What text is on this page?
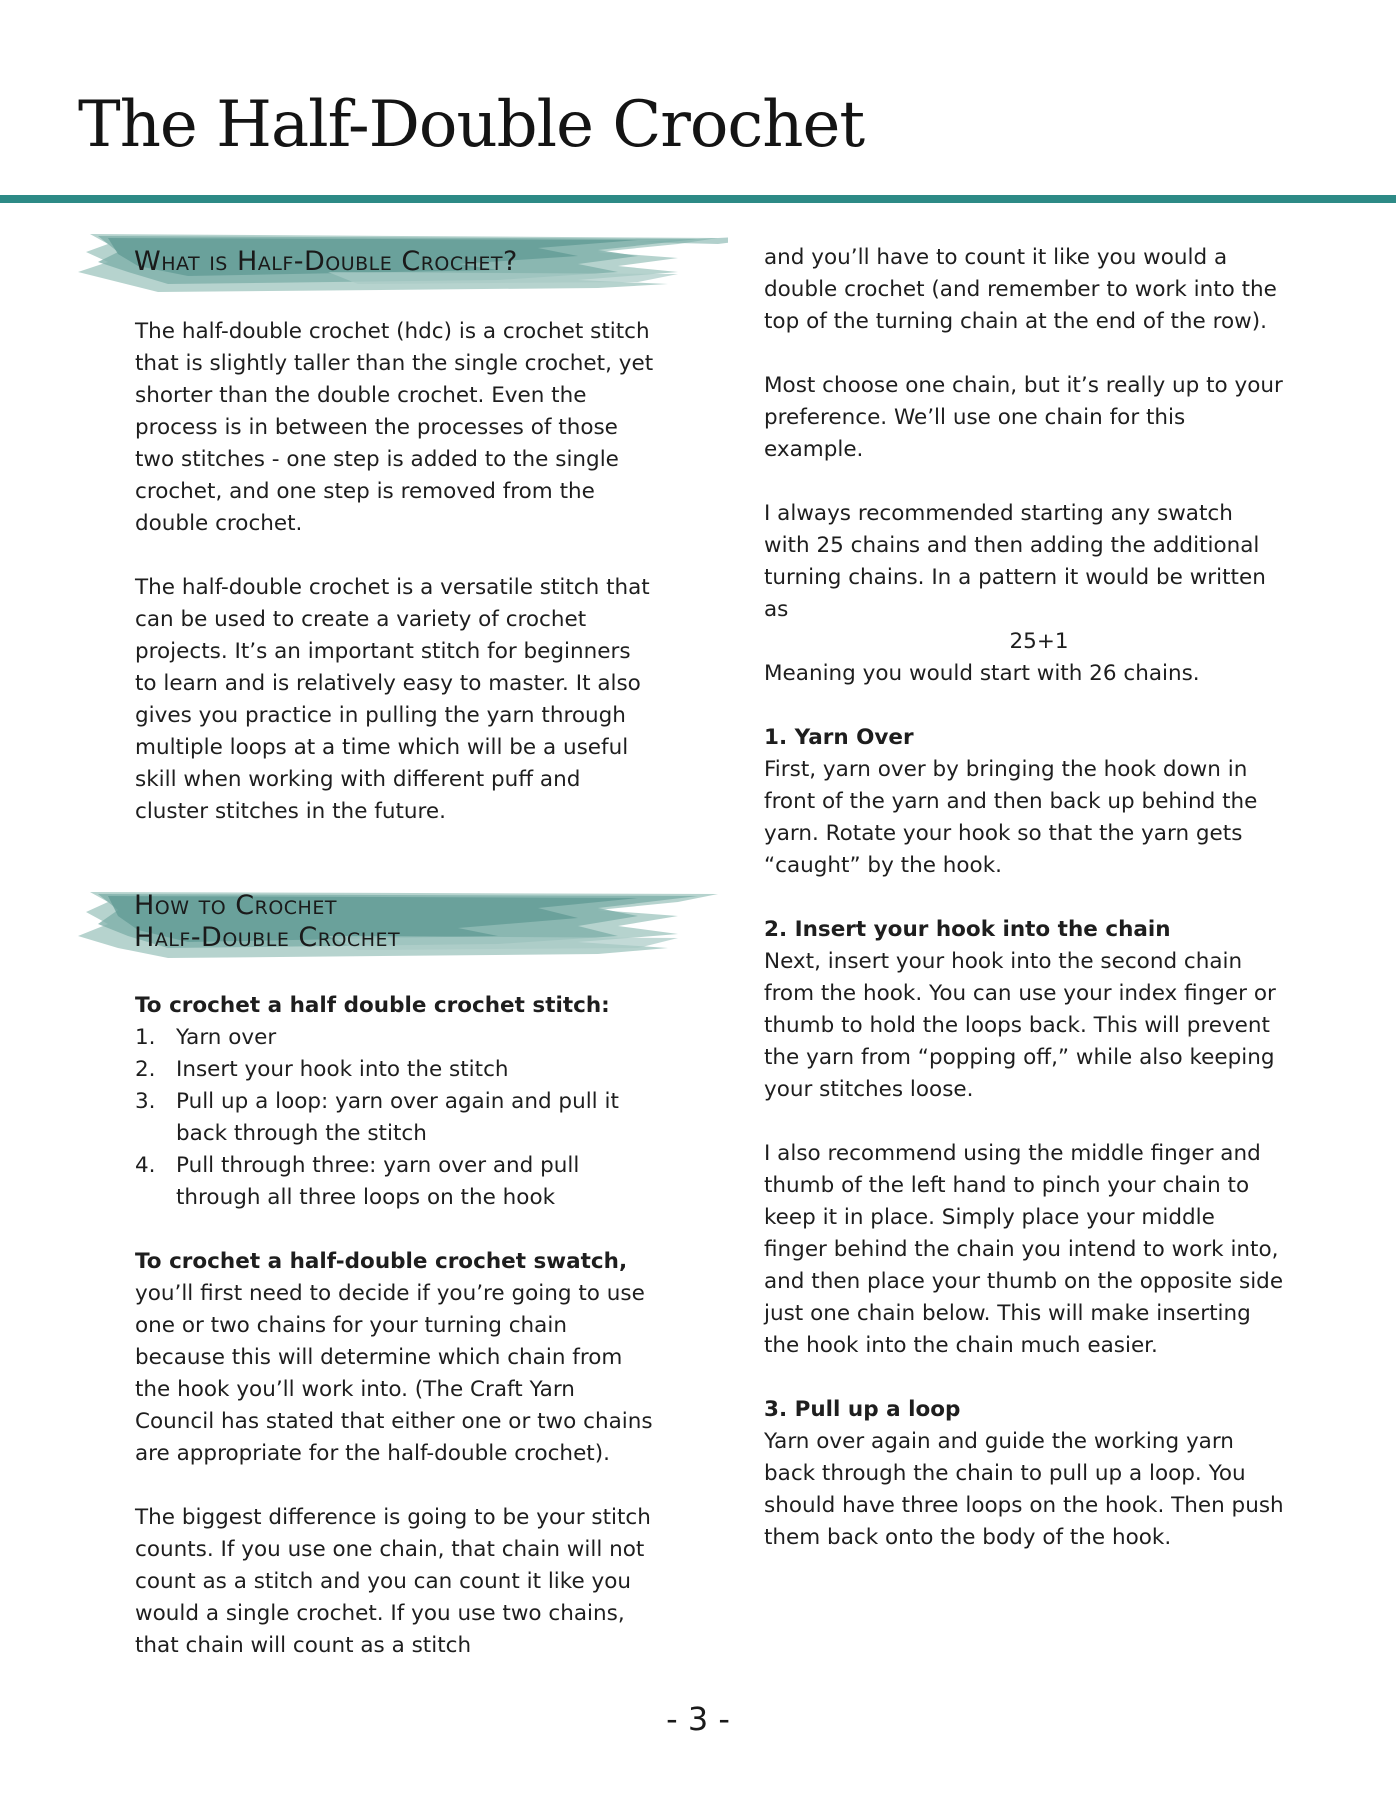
The Half-Double Crochet
What is Half-Double Crochet?
How to Crochet
Half-Double Crochet

The half-double crochet (hdc) is a crochet stitch that is slightly taller than the single crochet, yet shorter than the double crochet. Even the process is in between the processes of those two stitches - one step is added to the single crochet, and one step is removed from the double crochet.

The half-double crochet is a versatile stitch that can be used to create a variety of crochet projects. It’s an important stitch for beginners to learn and is relatively easy to master. It also gives you practice in pulling the yarn through multiple loops at a time which will be a useful skill when working with different puff and cluster stitches in the future.

To crochet a half double crochet stitch:

1. Yarn over
2. Insert your hook into the stitch
3. Pull up a loop: yarn over again and pull it back through the stitch
4. Pull through three: yarn over and pull through all three loops on the hook

To crochet a half-double crochet swatch,

you’ll first need to decide if you’re going to use one or two chains for your turning chain because this will determine which chain from the hook you’ll work into. (The Craft Yarn Council has stated that either one or two chains are appropriate for the half-double crochet).

The biggest difference is going to be your stitch counts. If you use one chain, that chain will not count as a stitch and you can count it like you would a single crochet. If you use two chains, that chain will count as a stitch

and you’ll have to count it like you would a double crochet (and remember to work into the top of the turning chain at the end of the row).

Most choose one chain, but it’s really up to your preference. We’ll use one chain for this example.

I always recommended starting any swatch with 25 chains and then adding the additional turning chains. In a pattern it would be written as

25+1

Meaning you would start with 26 chains.

1. Yarn Over

First, yarn over by bringing the hook down in front of the yarn and then back up behind the yarn. Rotate your hook so that the yarn gets “caught” by the hook.

2. Insert your hook into the chain

Next, insert your hook into the second chain from the hook. You can use your index finger or thumb to hold the loops back. This will prevent the yarn from “popping off,” while also keeping your stitches loose.

I also recommend using the middle finger and thumb of the left hand to pinch your chain to keep it in place. Simply place your middle finger behind the chain you intend to work into, and then place your thumb on the opposite side just one chain below. This will make inserting the hook into the chain much easier.

3. Pull up a loop

Yarn over again and guide the working yarn back through the chain to pull up a loop. You should have three loops on the hook. Then push them back onto the body of the hook.

- 3 -
